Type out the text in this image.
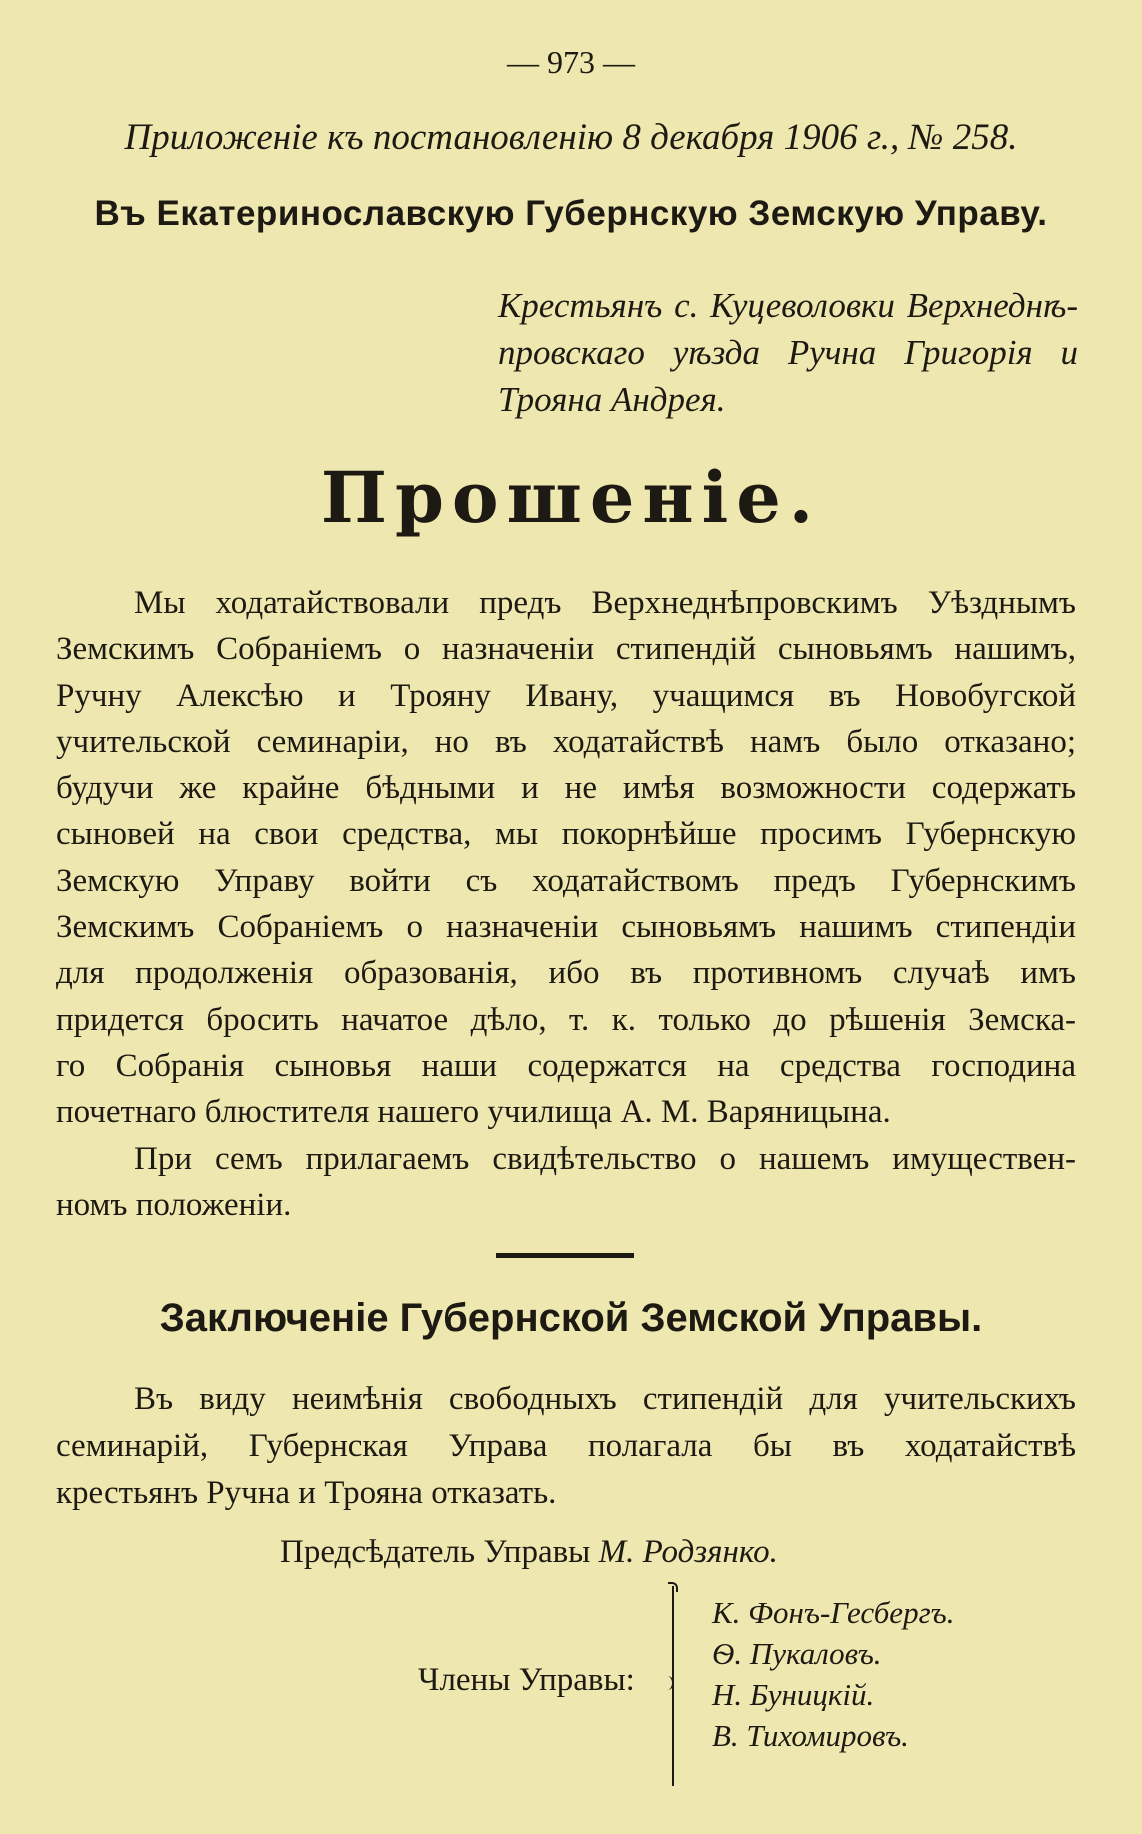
— 973 —
Приложеніе къ постановленію 8 декабря 1906 г., № 258.
Въ Екатеринославскую Губернскую Земскую Управу.
Крестьянъ с. Куцеволовки Верхнеднѣ-
провскаго уѣзда Ручна Григорія и
Трояна Андрея.
Прошеніе.
Мы ходатайствовали предъ Верхнеднѣпровскимъ Уѣзднымъ
Земскимъ Собраніемъ о назначеніи стипендій сыновьямъ нашимъ,
Ручну Алексѣю и Трояну Ивану, учащимся въ Новобугской
учительской семинаріи, но въ ходатайствѣ намъ было отказано;
будучи же крайне бѣдными и не имѣя возможности содержать
сыновей на свои средства, мы покорнѣйше просимъ Губернскую
Земскую Управу войти съ ходатайствомъ предъ Губернскимъ
Земскимъ Собраніемъ о назначеніи сыновьямъ нашимъ стипендіи
для продолженія образованія, ибо въ противномъ случаѣ имъ
придется бросить начатое дѣло, т. к. только до рѣшенія Земска-
го Собранія сыновья наши содержатся на средства господина
почетнаго блюстителя нашего училища А. М. Варяницына.
При семъ прилагаемъ свидѣтельство о нашемъ имуществен-
номъ положеніи.
Заключеніе Губернской Земской Управы.
Въ виду неимѣнія свободныхъ стипендій для учительскихъ
семинарій, Губернская Управа полагала бы въ ходатайствѣ
крестьянъ Ручна и Трояна отказать.
Предсѣдатель Управы М. Родзянко.
Члены Управы:
К. Фонъ-Гесбергъ.
Ѳ. Пукаловъ.
Н. Буницкій.
В. Тихомировъ.
